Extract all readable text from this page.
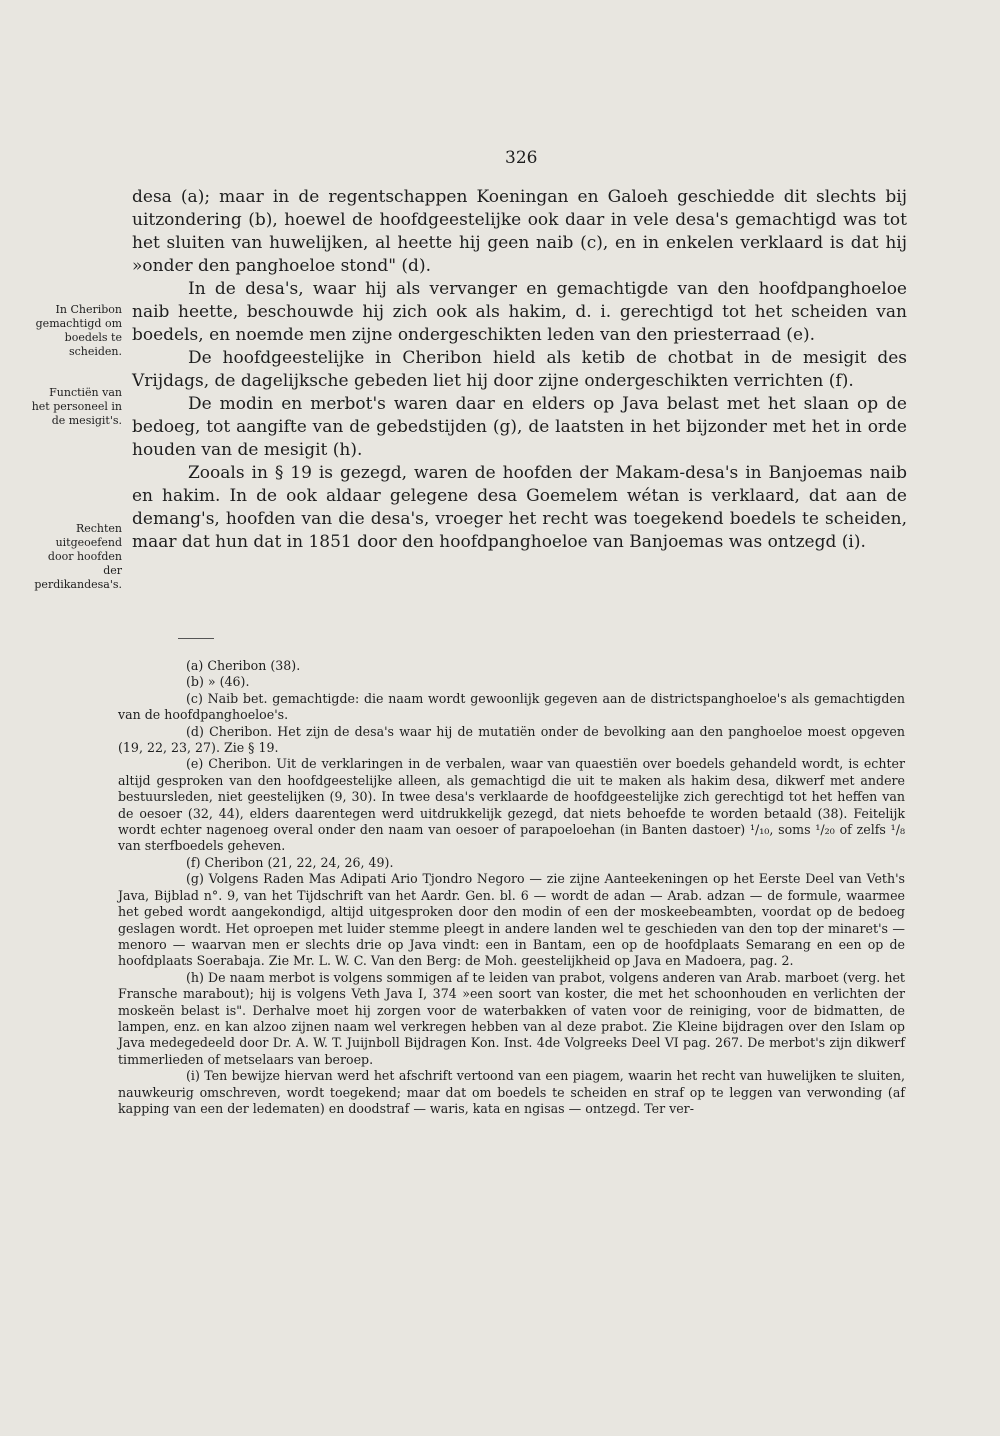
326
In Cheribon gemachtigd om boedels te scheiden.
Functiën van het personeel in de mesigit's.
Rechten uitgeoefend door hoofden der perdikandesa's.

desa (a); maar in de regentschappen Koeningan en Galoeh geschiedde dit slechts bij uitzondering (b), hoewel de hoofdgeestelijke ook daar in vele desa's gemachtigd was tot het sluiten van huwelijken, al heette hij geen naib (c), en in enkelen verklaard is dat hij »onder den panghoeloe stond" (d).

In de desa's, waar hij als vervanger en gemachtigde van den hoofdpanghoeloe naib heette, beschouwde hij zich ook als hakim, d. i. gerechtigd tot het scheiden van boedels, en noemde men zijne ondergeschikten leden van den priesterraad (e).

De hoofdgeestelijke in Cheribon hield als ketib de chotbat in de mesigit des Vrijdags, de dagelijksche gebeden liet hij door zijne ondergeschikten verrichten (f).

De modin en merbot's waren daar en elders op Java belast met het slaan op de bedoeg, tot aangifte van de gebedstijden (g), de laatsten in het bijzonder met het in orde houden van de mesigit (h).

Zooals in § 19 is gezegd, waren de hoofden der Makam-desa's in Banjoemas naib en hakim. In de ook aldaar gelegene desa Goemelem wétan is verklaard, dat aan de demang's, hoofden van die desa's, vroeger het recht was toegekend boedels te scheiden, maar dat hun dat in 1851 door den hoofdpanghoeloe van Banjoemas was ontzegd (i).

(a) Cheribon (38).

(b) » (46).

(c) Naib bet. gemachtigde: die naam wordt gewoonlijk gegeven aan de districtspanghoeloe's als gemachtigden van de hoofdpanghoeloe's.

(d) Cheribon. Het zijn de desa's waar hij de mutatiën onder de bevolking aan den panghoeloe moest opgeven (19, 22, 23, 27). Zie § 19.

(e) Cheribon. Uit de verklaringen in de verbalen, waar van quaestiën over boedels gehandeld wordt, is echter altijd gesproken van den hoofdgeestelijke alleen, als gemachtigd die uit te maken als hakim desa, dikwerf met andere bestuursleden, niet geestelijken (9, 30). In twee desa's verklaarde de hoofdgeestelijke zich gerechtigd tot het heffen van de oesoer (32, 44), elders daarentegen werd uitdrukkelijk gezegd, dat niets behoefde te worden betaald (38). Feitelijk wordt echter nagenoeg overal onder den naam van oesoer of parapoeloehan (in Banten dastoer) ¹/₁₀, soms ¹/₂₀ of zelfs ¹/₈ van sterfboedels geheven.

(f) Cheribon (21, 22, 24, 26, 49).

(g) Volgens Raden Mas Adipati Ario Tjondro Negoro — zie zijne Aanteekeningen op het Eerste Deel van Veth's Java, Bijblad n°. 9, van het Tijdschrift van het Aardr. Gen. bl. 6 — wordt de adan — Arab. adzan — de formule, waarmee het gebed wordt aangekondigd, altijd uitgesproken door den modin of een der moskeebeambten, voordat op de bedoeg geslagen wordt. Het oproepen met luider stemme pleegt in andere landen wel te geschieden van den top der minaret's — menoro — waarvan men er slechts drie op Java vindt: een in Bantam, een op de hoofdplaats Semarang en een op de hoofdplaats Soerabaja. Zie Mr. L. W. C. Van den Berg: de Moh. geestelijkheid op Java en Madoera, pag. 2.

(h) De naam merbot is volgens sommigen af te leiden van prabot, volgens anderen van Arab. marboet (verg. het Fransche marabout); hij is volgens Veth Java I, 374 »een soort van koster, die met het schoonhouden en verlichten der moskeën belast is". Derhalve moet hij zorgen voor de waterbakken of vaten voor de reiniging, voor de bidmatten, de lampen, enz. en kan alzoo zijnen naam wel verkregen hebben van al deze prabot. Zie Kleine bijdragen over den Islam op Java medegedeeld door Dr. A. W. T. Juijnboll Bijdragen Kon. Inst. 4de Volgreeks Deel VI pag. 267. De merbot's zijn dikwerf timmerlieden of metselaars van beroep.

(i) Ten bewijze hiervan werd het afschrift vertoond van een piagem, waarin het recht van huwelijken te sluiten, nauwkeurig omschreven, wordt toegekend; maar dat om boedels te scheiden en straf op te leggen van verwonding (af kapping van een der ledematen) en doodstraf — waris, kata en ngisas — ontzegd. Ter ver-
